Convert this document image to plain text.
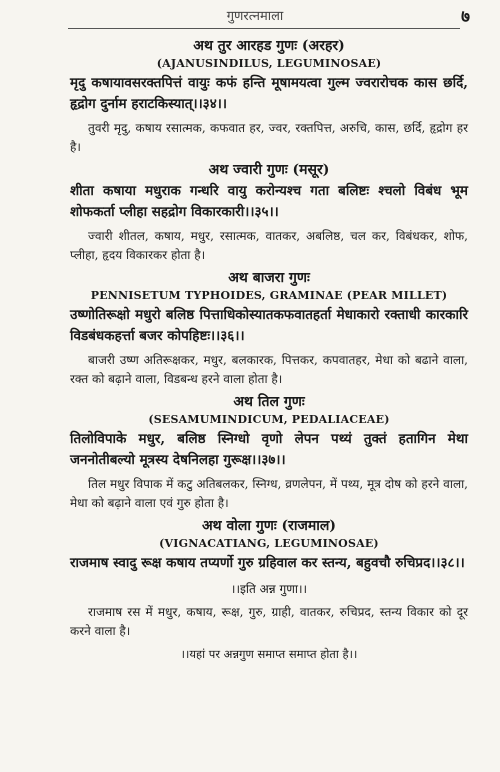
गुणरत्नमाला	७
अथ तुर आरहड गुणः (अरहर)
(AJANUSINDILUS, LEGUMINOSAE)
मृदु कषायावसरक्तपित्तं वायुः कफं हन्ति मूषामयत्वा गुल्म ज्वरारोचक कास छर्दि, हृद्रोग दुर्नाम हराटकिस्यात्।।३४।।
तुवरी मृदु, कषाय रसात्मक, कफवात हर, ज्वर, रक्तपित्त, अरुचि, कास, छर्दि, हृद्रोग हर है।
अथ ज्वारी गुणः (मसूर)
शीता कषाया मधुराक गन्धरि वायु करोन्यश्च गता बलिष्टः श्चलो विबंध भूम शोफकर्ता प्लीहा सहद्रोग विकारकारी।।३५।।
ज्वारी शीतल, कषाय, मधुर, रसात्मक, वातकर, अबलिष्ठ, चल कर, विबंधकर, शोफ, प्लीहा, हृदय विकारकर होता है।
अथ बाजरा गुणः
PENNISETUM TYPHOIDES, GRAMINAE (PEAR MILLET)
उष्णोतिरूक्षो मधुरो बलिष्ठ पित्ताधिकोस्यातकफवातहर्ता मेधाकारो रक्ताधी कारकारि विडबंधकहर्त्ता बजर कोपहिष्टः।।३६।।
बाजरी उष्ण अतिरूक्षकर, मधुर, बलकारक, पित्तकर, कपवातहर, मेधा को बढाने वाला, रक्त को बढ़ाने वाला, विडबन्ध हरने वाला होता है।
अथ तिल गुणः
(SESAMUMINDICUM, PEDALIACEAE)
तिलोविपाके मधुर, बलिष्ठ स्निग्धो वृणो लेपन पथ्यं तुक्तं हतागिन मेथा जननोतीबल्यो मूत्रस्य देषनिलहा गुरूक्ष।।३७।।
तिल मधुर विपाक में कटु अतिबलकर, स्निग्ध, व्रणलेपन, में पथ्य, मूत्र दोष को हरने वाला, मेधा को बढ़ाने वाला एवं गुरु होता है।
अथ वोला गुणः (राजमाल)
(VIGNACATIANG, LEGUMINOSAE)
राजमाष स्वादु रूक्ष कषाय तप्यर्णो गुरु ग्रहिवाल कर स्तन्य, बहुवचौ रुचिप्रद।।३८।।
।।इति अन्न गुणा।।
राजमाष रस में मधुर, कषाय, रूक्ष, गुरु, ग्राही, वातकर, रुचिप्रद, स्तन्य विकार को दूर करने वाला है।
।।यहां पर अन्नगुण समाप्त समाप्त होता है।।
